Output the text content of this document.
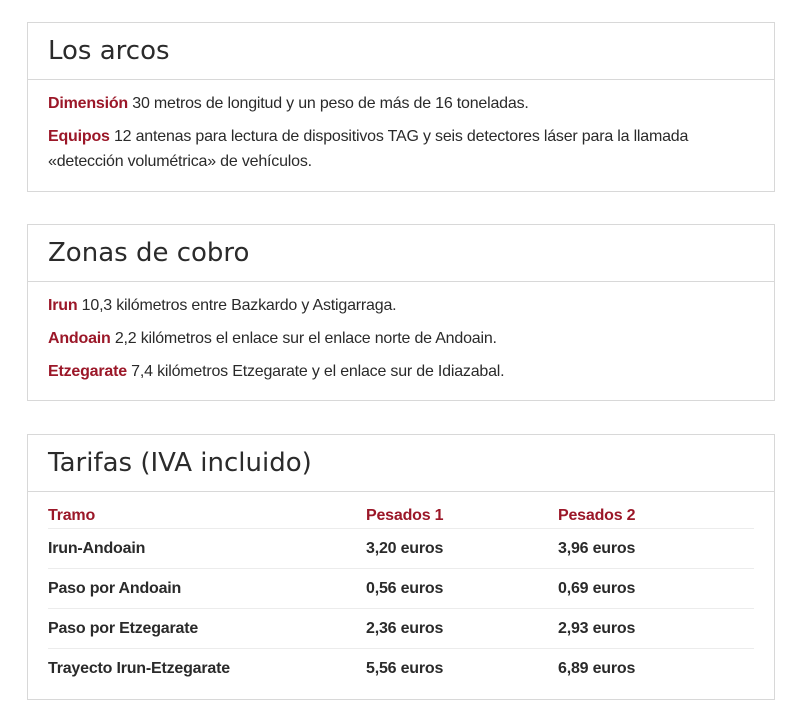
Los arcos

Dimensión 30 metros de longitud y un peso de más de 16 toneladas.

Equipos 12 antenas para lectura de dispositivos TAG y seis detectores láser para la llamada «detección volumétrica» de vehículos.

Zonas de cobro

Irun 10,3 kilómetros entre Bazkardo y Astigarraga.

Andoain 2,2 kilómetros el enlace sur el enlace norte de Andoain.

Etzegarate 7,4 kilómetros Etzegarate y el enlace sur de Idiazabal.

Tarifas (IVA incluido)
Tramo	Pesados 1	Pesados 2
Irun-Andoain	3,20 euros	3,96 euros
Paso por Andoain	0,56 euros	0,69 euros
Paso por Etzegarate	2,36 euros	2,93 euros
Trayecto Irun-Etzegarate	5,56 euros	6,89 euros
